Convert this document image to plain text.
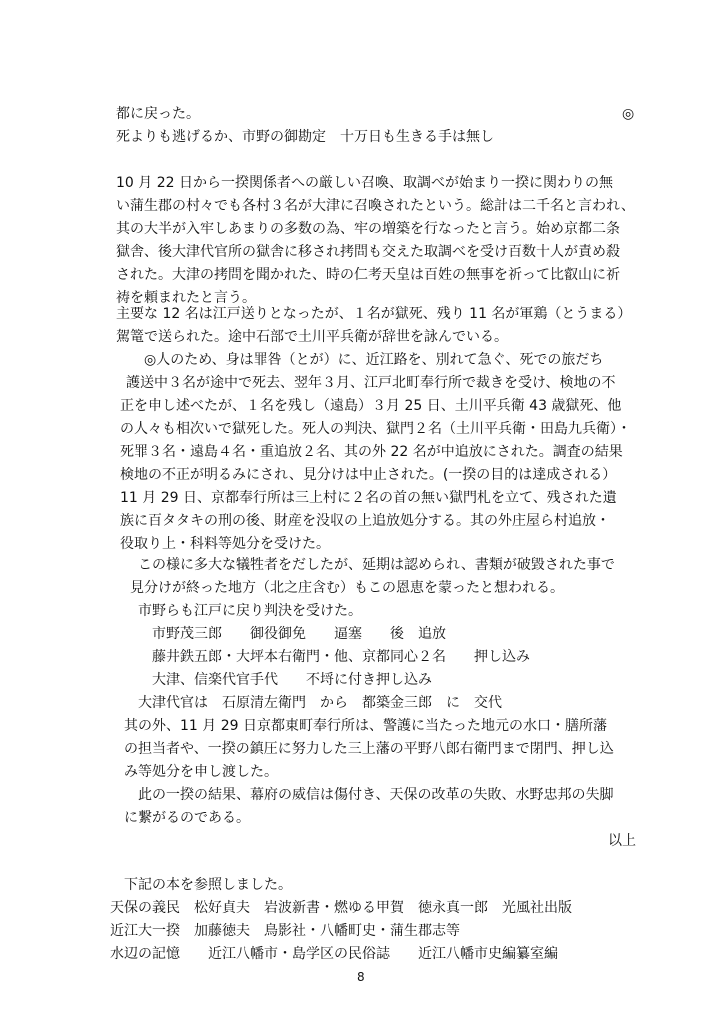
都に戻った。	◎
死よりも逃げるか、市野の御勘定　十万日も生きる手は無し
10 月 22 日から一揆関係者への厳しい召喚、取調べが始まり一揆に関わりの無
い蒲生郡の村々でも各村３名が大津に召喚されたという。総計は二千名と言われ、
其の大半が入牢しあまりの多数の為、牢の増築を行なったと言う。始め京都二条
獄舎、後大津代官所の獄舎に移され拷問も交えた取調べを受け百数十人が責め殺
された。大津の拷問を聞かれた、時の仁考天皇は百姓の無事を祈って比叡山に祈
祷を頼まれたと言う。
主要な 12 名は江戸送りとなったが、１名が獄死、残り 11 名が軍鶏（とうまる）
駕篭で送られた。途中石部で土川平兵衛が辞世を詠んでいる。
◎人のため、身は罪咎（とが）に、近江路を、別れて急ぐ、死での旅だち
護送中３名が途中で死去、翌年３月、江戸北町奉行所で裁きを受け、検地の不
正を申し述べたが、１名を残し（遠島）３月 25 日、土川平兵衛 43 歳獄死、他
の人々も相次いで獄死した。死人の判決、獄門２名（土川平兵衛・田島九兵衛）・
死罪３名・遠島４名・重追放２名、其の外 22 名が中追放にされた。調査の結果
検地の不正が明るみにされ、見分けは中止された。(一揆の目的は達成される）
11 月 29 日、京都奉行所は三上村に２名の首の無い獄門札を立て、残された遺
族に百タタキの刑の後、財産を没収の上追放処分する。其の外庄屋ら村追放・
役取り上・科料等処分を受けた。
この様に多大な犠牲者をだしたが、延期は認められ、書類が破毀された事で
見分けが終った地方（北之庄含む）もこの恩恵を蒙ったと想われる。
市野らも江戸に戻り判決を受けた。
市野茂三郎　　御役御免　　逼塞　　後　追放
藤井鉄五郎・大坪本右衛門・他、京都同心２名　　押し込み
大津、信楽代官手代　　不埒に付き押し込み
大津代官は　石原清左衛門　から　都築金三郎　に　交代
其の外、11 月 29 日京都東町奉行所は、警護に当たった地元の水口・膳所藩
の担当者や、一揆の鎮圧に努力した三上藩の平野八郎右衛門まで閉門、押し込
み等処分を申し渡した。
此の一揆の結果、幕府の威信は傷付き、天保の改革の失敗、水野忠邦の失脚
に繋がるのである。
以上
下記の本を参照しました。
天保の義民　松好貞夫　岩波新書・燃ゆる甲賀　徳永真一郎　光風社出版
近江大一揆　加藤徳夫　鳥影社・八幡町史・蒲生郡志等
水辺の記憶　　近江八幡市・島学区の民俗誌　　近江八幡市史編纂室編
8
